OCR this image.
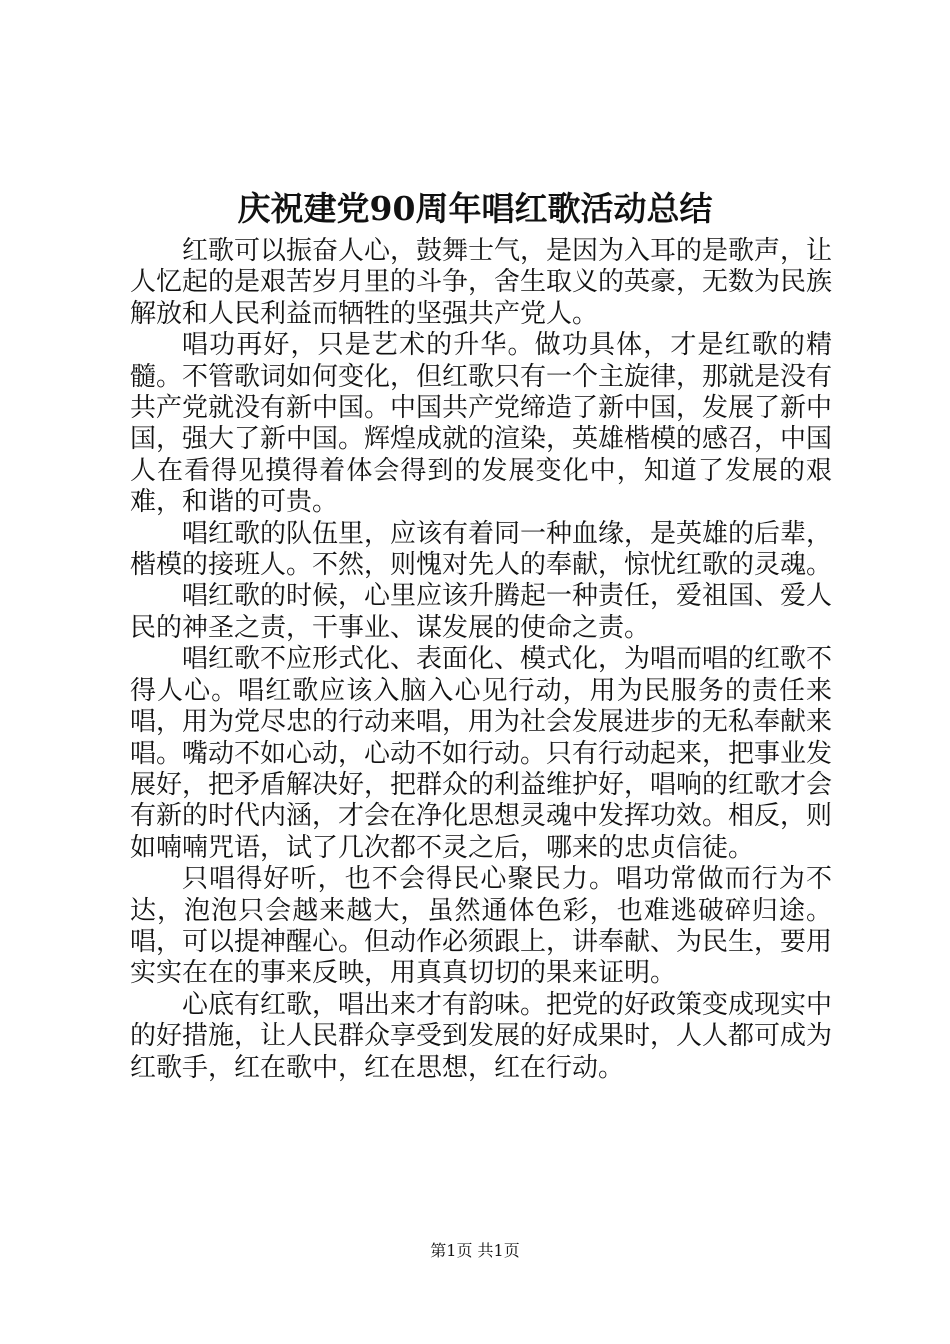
庆祝建党90周年唱红歌活动总结

红歌可以振奋人心，鼓舞士气，是因为入耳的是歌声，让人忆起的是艰苦岁月里的斗争，舍生取义的英豪，无数为民族解放和人民利益而牺牲的坚强共产党人。

唱功再好，只是艺术的升华。做功具体，才是红歌的精髓。不管歌词如何变化，但红歌只有一个主旋律，那就是没有共产党就没有新中国。中国共产党缔造了新中国，发展了新中国，强大了新中国。辉煌成就的渲染，英雄楷模的感召，中国人在看得见摸得着体会得到的发展变化中，知道了发展的艰难，和谐的可贵。

唱红歌的队伍里，应该有着同一种血缘，是英雄的后辈，楷模的接班人。不然，则愧对先人的奉献，惊忧红歌的灵魂。

唱红歌的时候，心里应该升腾起一种责任，爱祖国、爱人民的神圣之责，干事业、谋发展的使命之责。

唱红歌不应形式化、表面化、模式化，为唱而唱的红歌不得人心。唱红歌应该入脑入心见行动，用为民服务的责任来唱，用为党尽忠的行动来唱，用为社会发展进步的无私奉献来唱。嘴动不如心动，心动不如行动。只有行动起来，把事业发展好，把矛盾解决好，把群众的利益维护好，唱响的红歌才会有新的时代内涵，才会在净化思想灵魂中发挥功效。相反，则如喃喃咒语，试了几次都不灵之后，哪来的忠贞信徒。

只唱得好听，也不会得民心聚民力。唱功常做而行为不达，泡泡只会越来越大，虽然通体色彩，也难逃破碎归途。唱，可以提神醒心。但动作必须跟上，讲奉献、为民生，要用实实在在的事来反映，用真真切切的果来证明。

心底有红歌，唱出来才有韵味。把党的好政策变成现实中的好措施，让人民群众享受到发展的好成果时，人人都可成为红歌手，红在歌中，红在思想，红在行动。

第1页 共1页
